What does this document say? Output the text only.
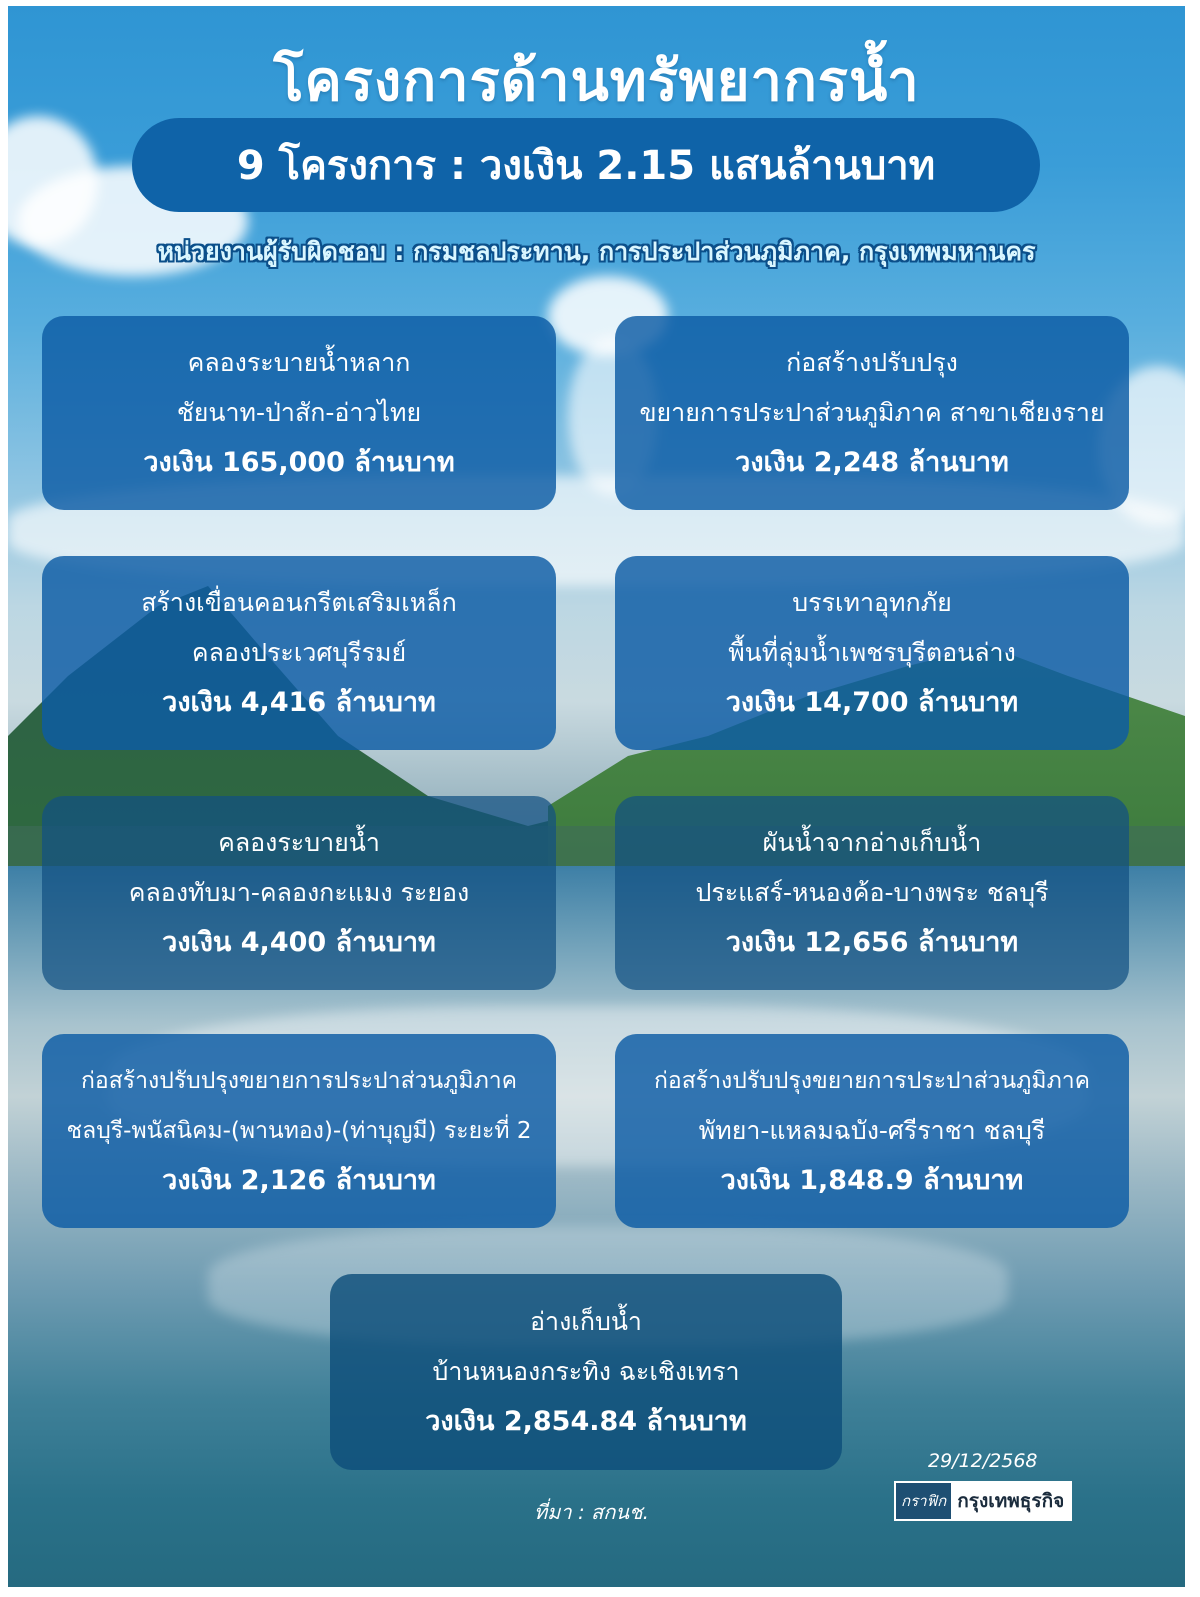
โครงการด้านทรัพยากรน้ำ
9 โครงการ : วงเงิน 2.15 แสนล้านบาท
หน่วยงานผู้รับผิดชอบ : กรมชลประทาน, การประปาส่วนภูมิภาค, กรุงเทพมหานคร
คลองระบายน้ำหลาก
ชัยนาท-ป่าสัก-อ่าวไทย
วงเงิน 165,000 ล้านบาท
ก่อสร้างปรับปรุง
ขยายการประปาส่วนภูมิภาค สาขาเชียงราย
วงเงิน 2,248 ล้านบาท
สร้างเขื่อนคอนกรีตเสริมเหล็ก
คลองประเวศบุรีรมย์
วงเงิน 4,416 ล้านบาท
บรรเทาอุทกภัย
พื้นที่ลุ่มน้ำเพชรบุรีตอนล่าง
วงเงิน 14,700 ล้านบาท
คลองระบายน้ำ
คลองทับมา-คลองกะแมง ระยอง
วงเงิน 4,400 ล้านบาท
ผันน้ำจากอ่างเก็บน้ำ
ประแสร์-หนองค้อ-บางพระ ชลบุรี
วงเงิน 12,656 ล้านบาท
ก่อสร้างปรับปรุงขยายการประปาส่วนภูมิภาค
ชลบุรี-พนัสนิคม-(พานทอง)-(ท่าบุญมี) ระยะที่ 2
วงเงิน 2,126 ล้านบาท
ก่อสร้างปรับปรุงขยายการประปาส่วนภูมิภาค
พัทยา-แหลมฉบัง-ศรีราชา ชลบุรี
วงเงิน 1,848.9 ล้านบาท
อ่างเก็บน้ำ
บ้านหนองกระทิง ฉะเชิงเทรา
วงเงิน 2,854.84 ล้านบาท
29/12/2568
ที่มา : สกนช.	กราฟิก กรุงเทพธุรกิจ
